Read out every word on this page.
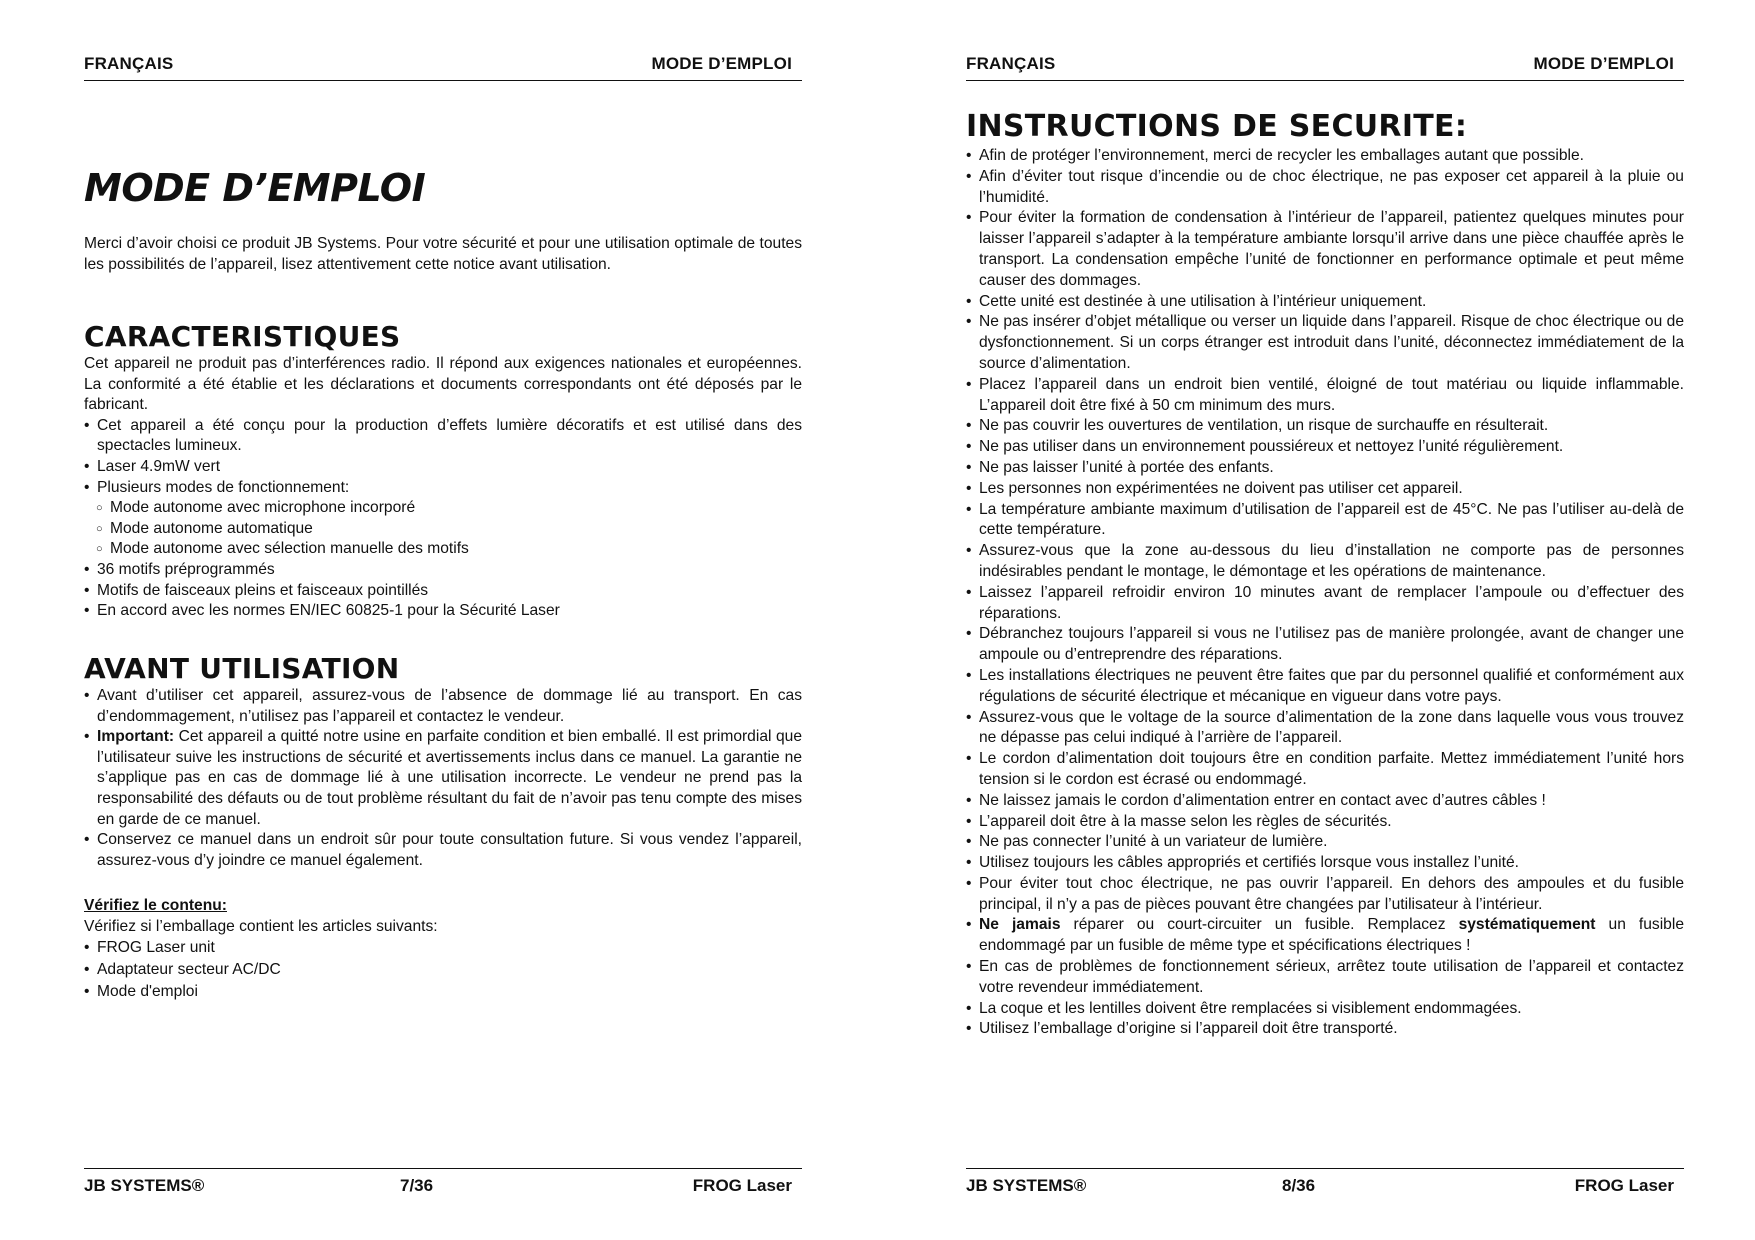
FRANÇAIS	MODE D’EMPLOI
MODE D’EMPLOI

Merci d’avoir choisi ce produit JB Systems. Pour votre sécurité et pour une utilisation optimale de toutes les possibilités de l’appareil, lisez attentivement cette notice avant utilisation.

CARACTERISTIQUES

Cet appareil ne produit pas d’interférences radio. Il répond aux exigences nationales et européennes. La conformité a été établie et les déclarations et documents correspondants ont été déposés par le fabricant.

• Cet appareil a été conçu pour la production d’effets lumière décoratifs et est utilisé dans des spectacles lumineux.
• Laser 4.9mW vert
• Plusieurs modes de fonctionnement:
○ Mode autonome avec microphone incorporé
○ Mode autonome automatique
○ Mode autonome avec sélection manuelle des motifs
• 36 motifs préprogrammés
• Motifs de faisceaux pleins et faisceaux pointillés
• En accord avec les normes EN/IEC 60825-1 pour la Sécurité Laser
AVANT UTILISATION
• Avant d’utiliser cet appareil, assurez-vous de l’absence de dommage lié au transport. En cas d’endommagement, n’utilisez pas l’appareil et contactez le vendeur.
• Important: Cet appareil a quitté notre usine en parfaite condition et bien emballé. Il est primordial que l’utilisateur suive les instructions de sécurité et avertissements inclus dans ce manuel. La garantie ne s’applique pas en cas de dommage lié à une utilisation incorrecte. Le vendeur ne prend pas la responsabilité des défauts ou de tout problème résultant du fait de n’avoir pas tenu compte des mises en garde de ce manuel.
• Conservez ce manuel dans un endroit sûr pour toute consultation future. Si vous vendez l’appareil, assurez-vous d’y joindre ce manuel également.

Vérifiez le contenu:

Vérifiez si l’emballage contient les articles suivants:

• FROG Laser unit
• Adaptateur secteur AC/DC
• Mode d'emploi
JB SYSTEMS®	7/36	FROG Laser
FRANÇAIS	MODE D’EMPLOI
INSTRUCTIONS DE SECURITE:
• Afin de protéger l’environnement, merci de recycler les emballages autant que possible.
• Afin d’éviter tout risque d’incendie ou de choc électrique, ne pas exposer cet appareil à la pluie ou l’humidité.
• Pour éviter la formation de condensation à l’intérieur de l’appareil, patientez quelques minutes pour laisser l’appareil s’adapter à la température ambiante lorsqu’il arrive dans une pièce chauffée après le transport. La condensation empêche l’unité de fonctionner en performance optimale et peut même causer des dommages.
• Cette unité est destinée à une utilisation à l’intérieur uniquement.
• Ne pas insérer d’objet métallique ou verser un liquide dans l’appareil. Risque de choc électrique ou de dysfonctionnement. Si un corps étranger est introduit dans l’unité, déconnectez immédiatement de la source d’alimentation.
• Placez l’appareil dans un endroit bien ventilé, éloigné de tout matériau ou liquide inflammable. L’appareil doit être fixé à 50 cm minimum des murs.
• Ne pas couvrir les ouvertures de ventilation, un risque de surchauffe en résulterait.
• Ne pas utiliser dans un environnement poussiéreux et nettoyez l’unité régulièrement.
• Ne pas laisser l’unité à portée des enfants.
• Les personnes non expérimentées ne doivent pas utiliser cet appareil.
• La température ambiante maximum d’utilisation de l’appareil est de 45°C. Ne pas l’utiliser au-delà de cette température.
• Assurez-vous que la zone au-dessous du lieu d’installation ne comporte pas de personnes indésirables pendant le montage, le démontage et les opérations de maintenance.
• Laissez l’appareil refroidir environ 10 minutes avant de remplacer l’ampoule ou d’effectuer des réparations.
• Débranchez toujours l’appareil si vous ne l’utilisez pas de manière prolongée, avant de changer une ampoule ou d’entreprendre des réparations.
• Les installations électriques ne peuvent être faites que par du personnel qualifié et conformément aux régulations de sécurité électrique et mécanique en vigueur dans votre pays.
• Assurez-vous que le voltage de la source d’alimentation de la zone dans laquelle vous vous trouvez ne dépasse pas celui indiqué à l’arrière de l’appareil.
• Le cordon d’alimentation doit toujours être en condition parfaite. Mettez immédiatement l’unité hors tension si le cordon est écrasé ou endommagé.
• Ne laissez jamais le cordon d’alimentation entrer en contact avec d’autres câbles !
• L’appareil doit être à la masse selon les règles de sécurités.
• Ne pas connecter l’unité à un variateur de lumière.
• Utilisez toujours les câbles appropriés et certifiés lorsque vous installez l’unité.
• Pour éviter tout choc électrique, ne pas ouvrir l’appareil. En dehors des ampoules et du fusible principal, il n’y a pas de pièces pouvant être changées par l’utilisateur à l’intérieur.
• Ne jamais réparer ou court-circuiter un fusible. Remplacez systématiquement un fusible endommagé par un fusible de même type et spécifications électriques !
• En cas de problèmes de fonctionnement sérieux, arrêtez toute utilisation de l’appareil et contactez votre revendeur immédiatement.
• La coque et les lentilles doivent être remplacées si visiblement endommagées.
• Utilisez l’emballage d’origine si l’appareil doit être transporté.
JB SYSTEMS®	8/36	FROG Laser
